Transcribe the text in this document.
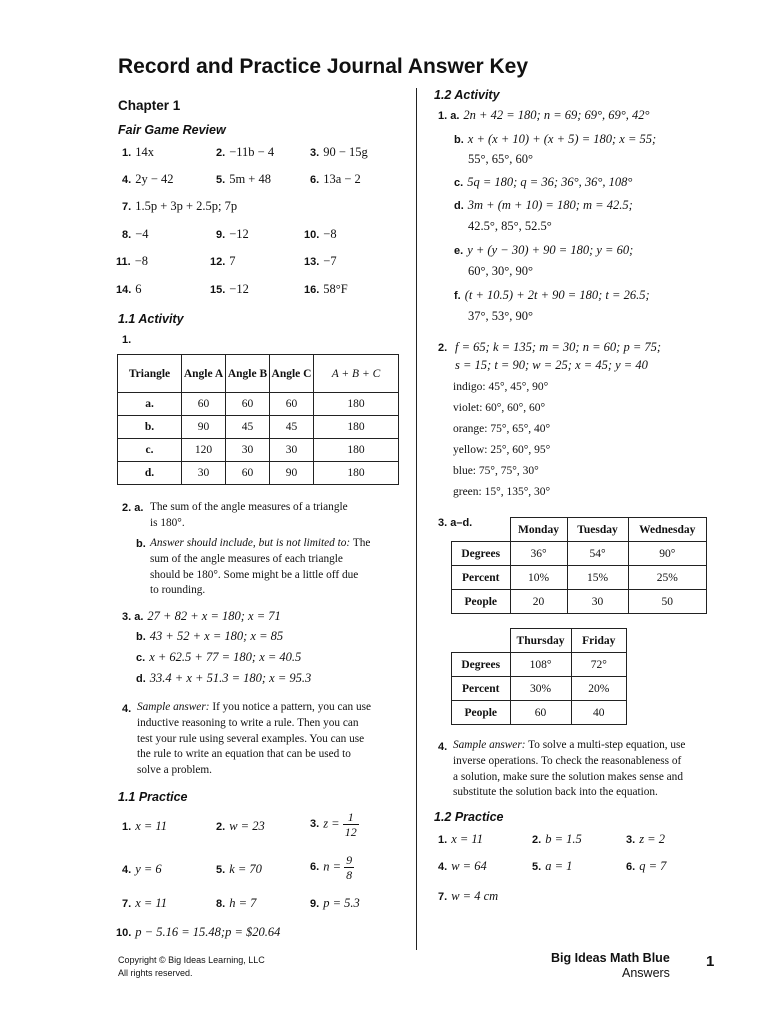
Record and Practice Journal Answer Key
Chapter 1
Fair Game Review
1. 14x	2. −11b − 4	3. 90 − 15g
4. 2y − 42	5. 5m + 48	6. 13a − 2
7. 1.5p + 3p + 2.5p; 7p
8. −4	9. −12	10. −8
11. −8	12. 7	13. −7
14. 6	15. −12	16. 58°F
1.1 Activity
1.
Triangle	Angle A	Angle B	Angle C	A + B + C
a.	60	60	60	180
b.	90	45	45	180
c.	120	30	30	180
d.	30	60	90	180
2. a. The sum of the angle measures of a triangle
is 180°.
b. Answer should include, but is not limited to: The
sum of the angle measures of each triangle
should be 180°. Some might be a little off due
to rounding.
3. a. 27 + 82 + x = 180; x = 71
b. 43 + 52 + x = 180; x = 85
c. x + 62.5 + 77 = 180; x = 40.5
d. 33.4 + x + 51.3 = 180; x = 95.3
4. Sample answer: If you notice a pattern, you can use
inductive reasoning to write a rule. Then you can
test your rule using several examples. You can use
the rule to write an equation that can be used to
solve a problem.
1.1 Practice
1. x = 11	2. w = 23	3. $z = \frac{1}{12}$
4. y = 6	5. k = 70	6. $n = \frac{9}{8}$
7. x = 11	8. h = 7	9. p = 5.3
10. p − 5.16 = 15.48;p = $20.64
1.2 Activity
1. a. 2n + 42 = 180; n = 69; 69°, 69°, 42°
b. x + (x + 10) + (x + 5) = 180; x = 55;
55°, 65°, 60°
c. 5q = 180; q = 36; 36°, 36°, 108°
d. 3m + (m + 10) = 180; m = 42.5;
42.5°, 85°, 52.5°
e. y + (y − 30) + 90 = 180; y = 60;
60°, 30°, 90°
f. (t + 10.5) + 2t + 90 = 180; t = 26.5;
37°, 53°, 90°
2. f = 65; k = 135; m = 30; n = 60; p = 75;
s = 15; t = 90; w = 25; x = 45; y = 40
indigo: 45°, 45°, 90°
violet: 60°, 60°, 60°
orange: 75°, 65°, 40°
yellow: 25°, 60°, 95°
blue: 75°, 75°, 30°
green: 15°, 135°, 30°
3. a–d.
	Monday	Tuesday	Wednesday
Degrees	36°	54°	90°
Percent	10%	15%	25%
People	20	30	50
	Thursday	Friday
Degrees	108°	72°
Percent	30%	20%
People	60	40
4. Sample answer: To solve a multi-step equation, use
inverse operations. To check the reasonableness of
a solution, make sure the solution makes sense and
substitute the solution back into the equation.
1.2 Practice
1. x = 11	2. b = 1.5	3. z = 2
4. w = 64	5. a = 1	6. q = 7
7. w = 4 cm
Copyright © Big Ideas Learning, LLC
All rights reserved.
Big Ideas Math Blue
Answers
1
